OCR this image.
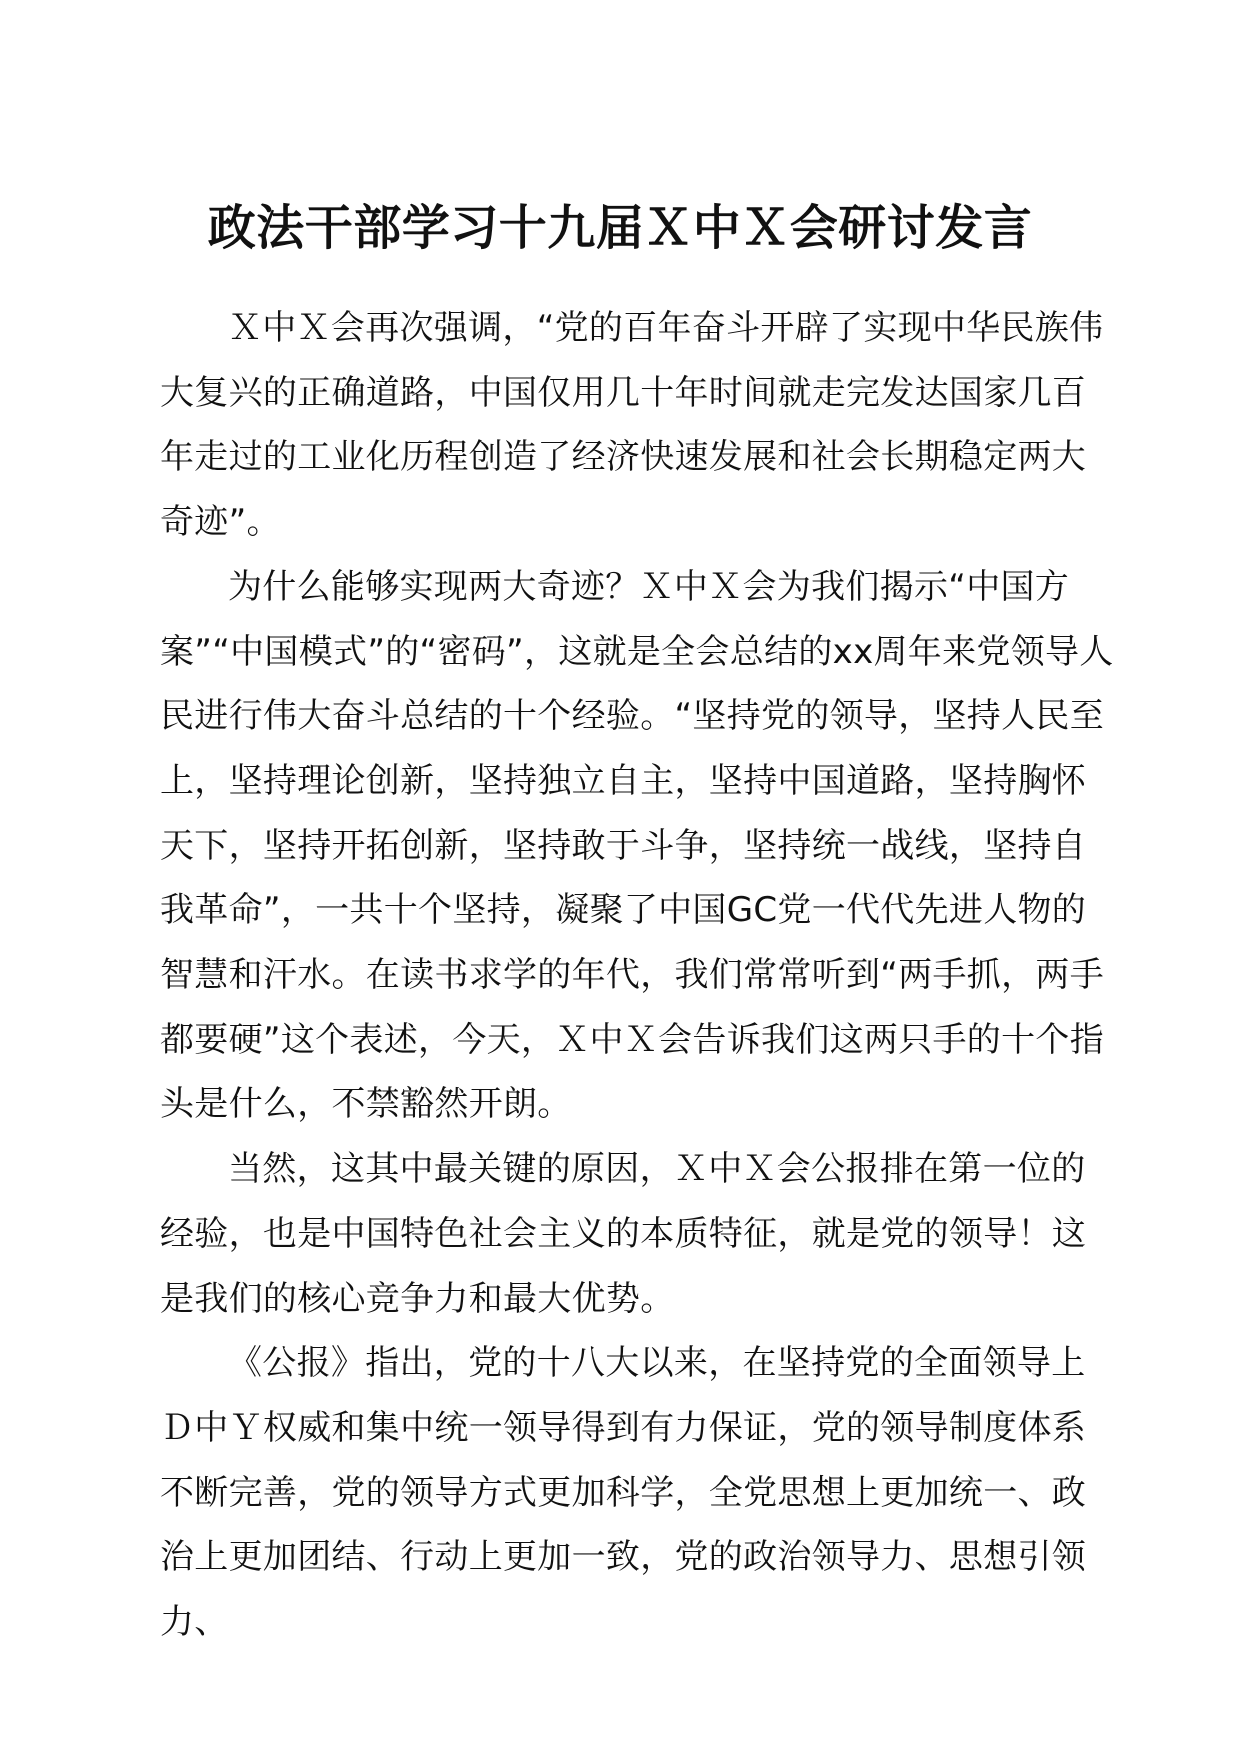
政法干部学习十九届Ｘ中Ｘ会研讨发言

Ｘ中Ｘ会再次强调，“党的百年奋斗开辟了实现中华民族伟大复兴的正确道路，中国仅用几十年时间就走完发达国家几百年走过的工业化历程创造了经济快速发展和社会长期稳定两大奇迹”。

为什么能够实现两大奇迹？Ｘ中Ｘ会为我们揭示“中国方案”“中国模式”的“密码”，这就是全会总结的xx周年来党领导人民进行伟大奋斗总结的十个经验。“坚持党的领导，坚持人民至上，坚持理论创新，坚持独立自主，坚持中国道路，坚持胸怀天下，坚持开拓创新，坚持敢于斗争，坚持统一战线，坚持自我革命”，一共十个坚持，凝聚了中国GC党一代代先进人物的智慧和汗水。在读书求学的年代，我们常常听到“两手抓，两手都要硬”这个表述，今天，Ｘ中Ｘ会告诉我们这两只手的十个指头是什么，不禁豁然开朗。

当然，这其中最关键的原因，Ｘ中Ｘ会公报排在第一位的经验，也是中国特色社会主义的本质特征，就是党的领导！这是我们的核心竞争力和最大优势。

《公报》指出，党的十八大以来，在坚持党的全面领导上Ｄ中Ｙ权威和集中统一领导得到有力保证，党的领导制度体系不断完善，党的领导方式更加科学，全党思想上更加统一、政治上更加团结、行动上更加一致，党的政治领导力、思想引领力、
